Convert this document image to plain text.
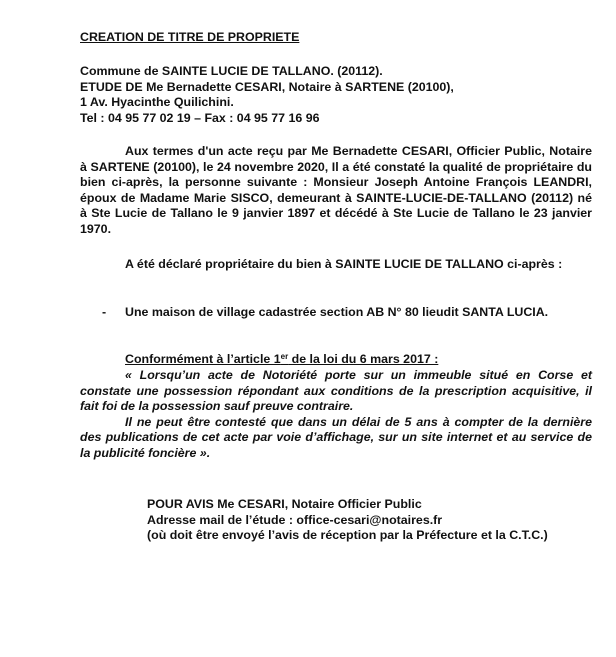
CREATION DE TITRE DE PROPRIETE
Commune de SAINTE LUCIE DE TALLANO. (20112).
ETUDE DE Me Bernadette CESARI, Notaire à SARTENE (20100),
1 Av. Hyacinthe Quilichini.
Tel : 04 95 77 02 19 – Fax : 04 95 77 16 96
Aux termes d'un acte reçu par Me Bernadette CESARI, Officier Public, Notaire à SARTENE (20100), le 24 novembre 2020, Il a été constaté la qualité de propriétaire du bien ci-après, la personne suivante : Monsieur Joseph Antoine François LEANDRI, époux de Madame Marie SISCO, demeurant à SAINTE-LUCIE-DE-TALLANO (20112) né à Ste Lucie de Tallano le 9 janvier 1897 et décédé à Ste Lucie de Tallano le 23 janvier 1970.
A été déclaré propriétaire du bien à SAINTE LUCIE DE TALLANO ci-après :
- Une maison de village cadastrée section AB N° 80 lieudit SANTA LUCIA.
Conformément à l’article 1er de la loi du 6 mars 2017 :
« Lorsqu’un acte de Notoriété porte sur un immeuble situé en Corse et constate une possession répondant aux conditions de la prescription acquisitive, il fait foi de la possession sauf preuve contraire.
Il ne peut être contesté que dans un délai de 5 ans à compter de la dernière des publications de cet acte par voie d’affichage, sur un site internet et au service de la publicité foncière ».
POUR AVIS Me CESARI, Notaire Officier Public
Adresse mail de l’étude : office-cesari@notaires.fr
(où doit être envoyé l’avis de réception par la Préfecture et la C.T.C.)
